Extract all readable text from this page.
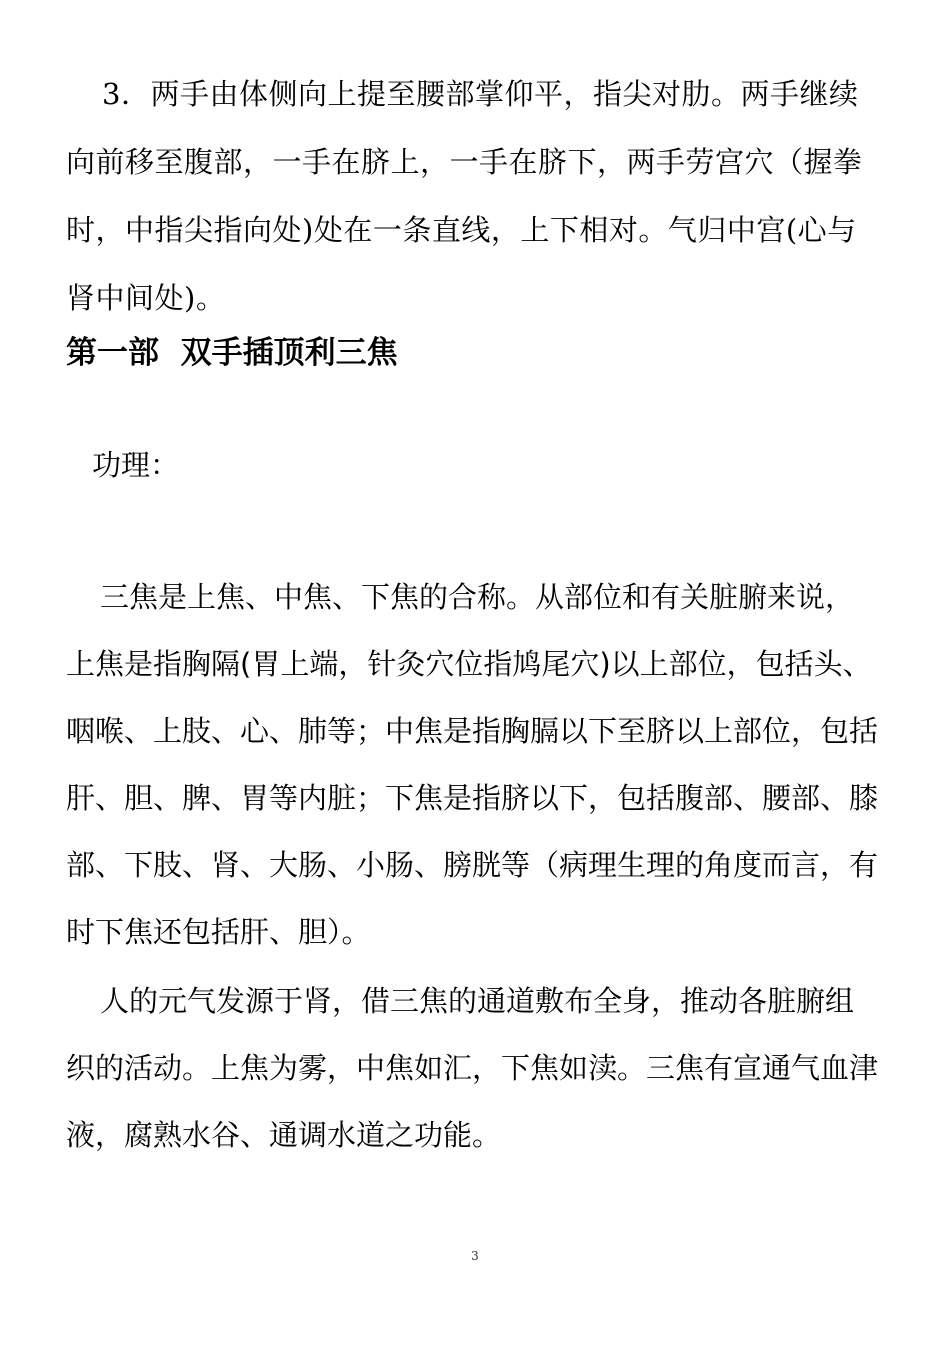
3．两手由体侧向上提至腰部掌仰平，指尖对肋。两手继续向前移至腹部，一手在脐上，一手在脐下，两手劳宫穴（握拳时，中指尖指向处)处在一条直线，上下相对。气归中宫(心与肾中间处)。

第一部  双手插顶利三焦

功理：

三焦是上焦、中焦、下焦的合称。从部位和有关脏腑来说，上焦是指胸隔(胃上端，针灸穴位指鸠尾穴)以上部位，包括头、咽喉、上肢、心、肺等；中焦是指胸膈以下至脐以上部位，包括肝、胆、脾、胃等内脏；下焦是指脐以下，包括腹部、腰部、膝部、下肢、肾、大肠、小肠、膀胱等（病理生理的角度而言，有时下焦还包括肝、胆）。

人的元气发源于肾，借三焦的通道敷布全身，推动各脏腑组织的活动。上焦为雾，中焦如汇，下焦如渎。三焦有宣通气血津液，腐熟水谷、通调水道之功能。

3
